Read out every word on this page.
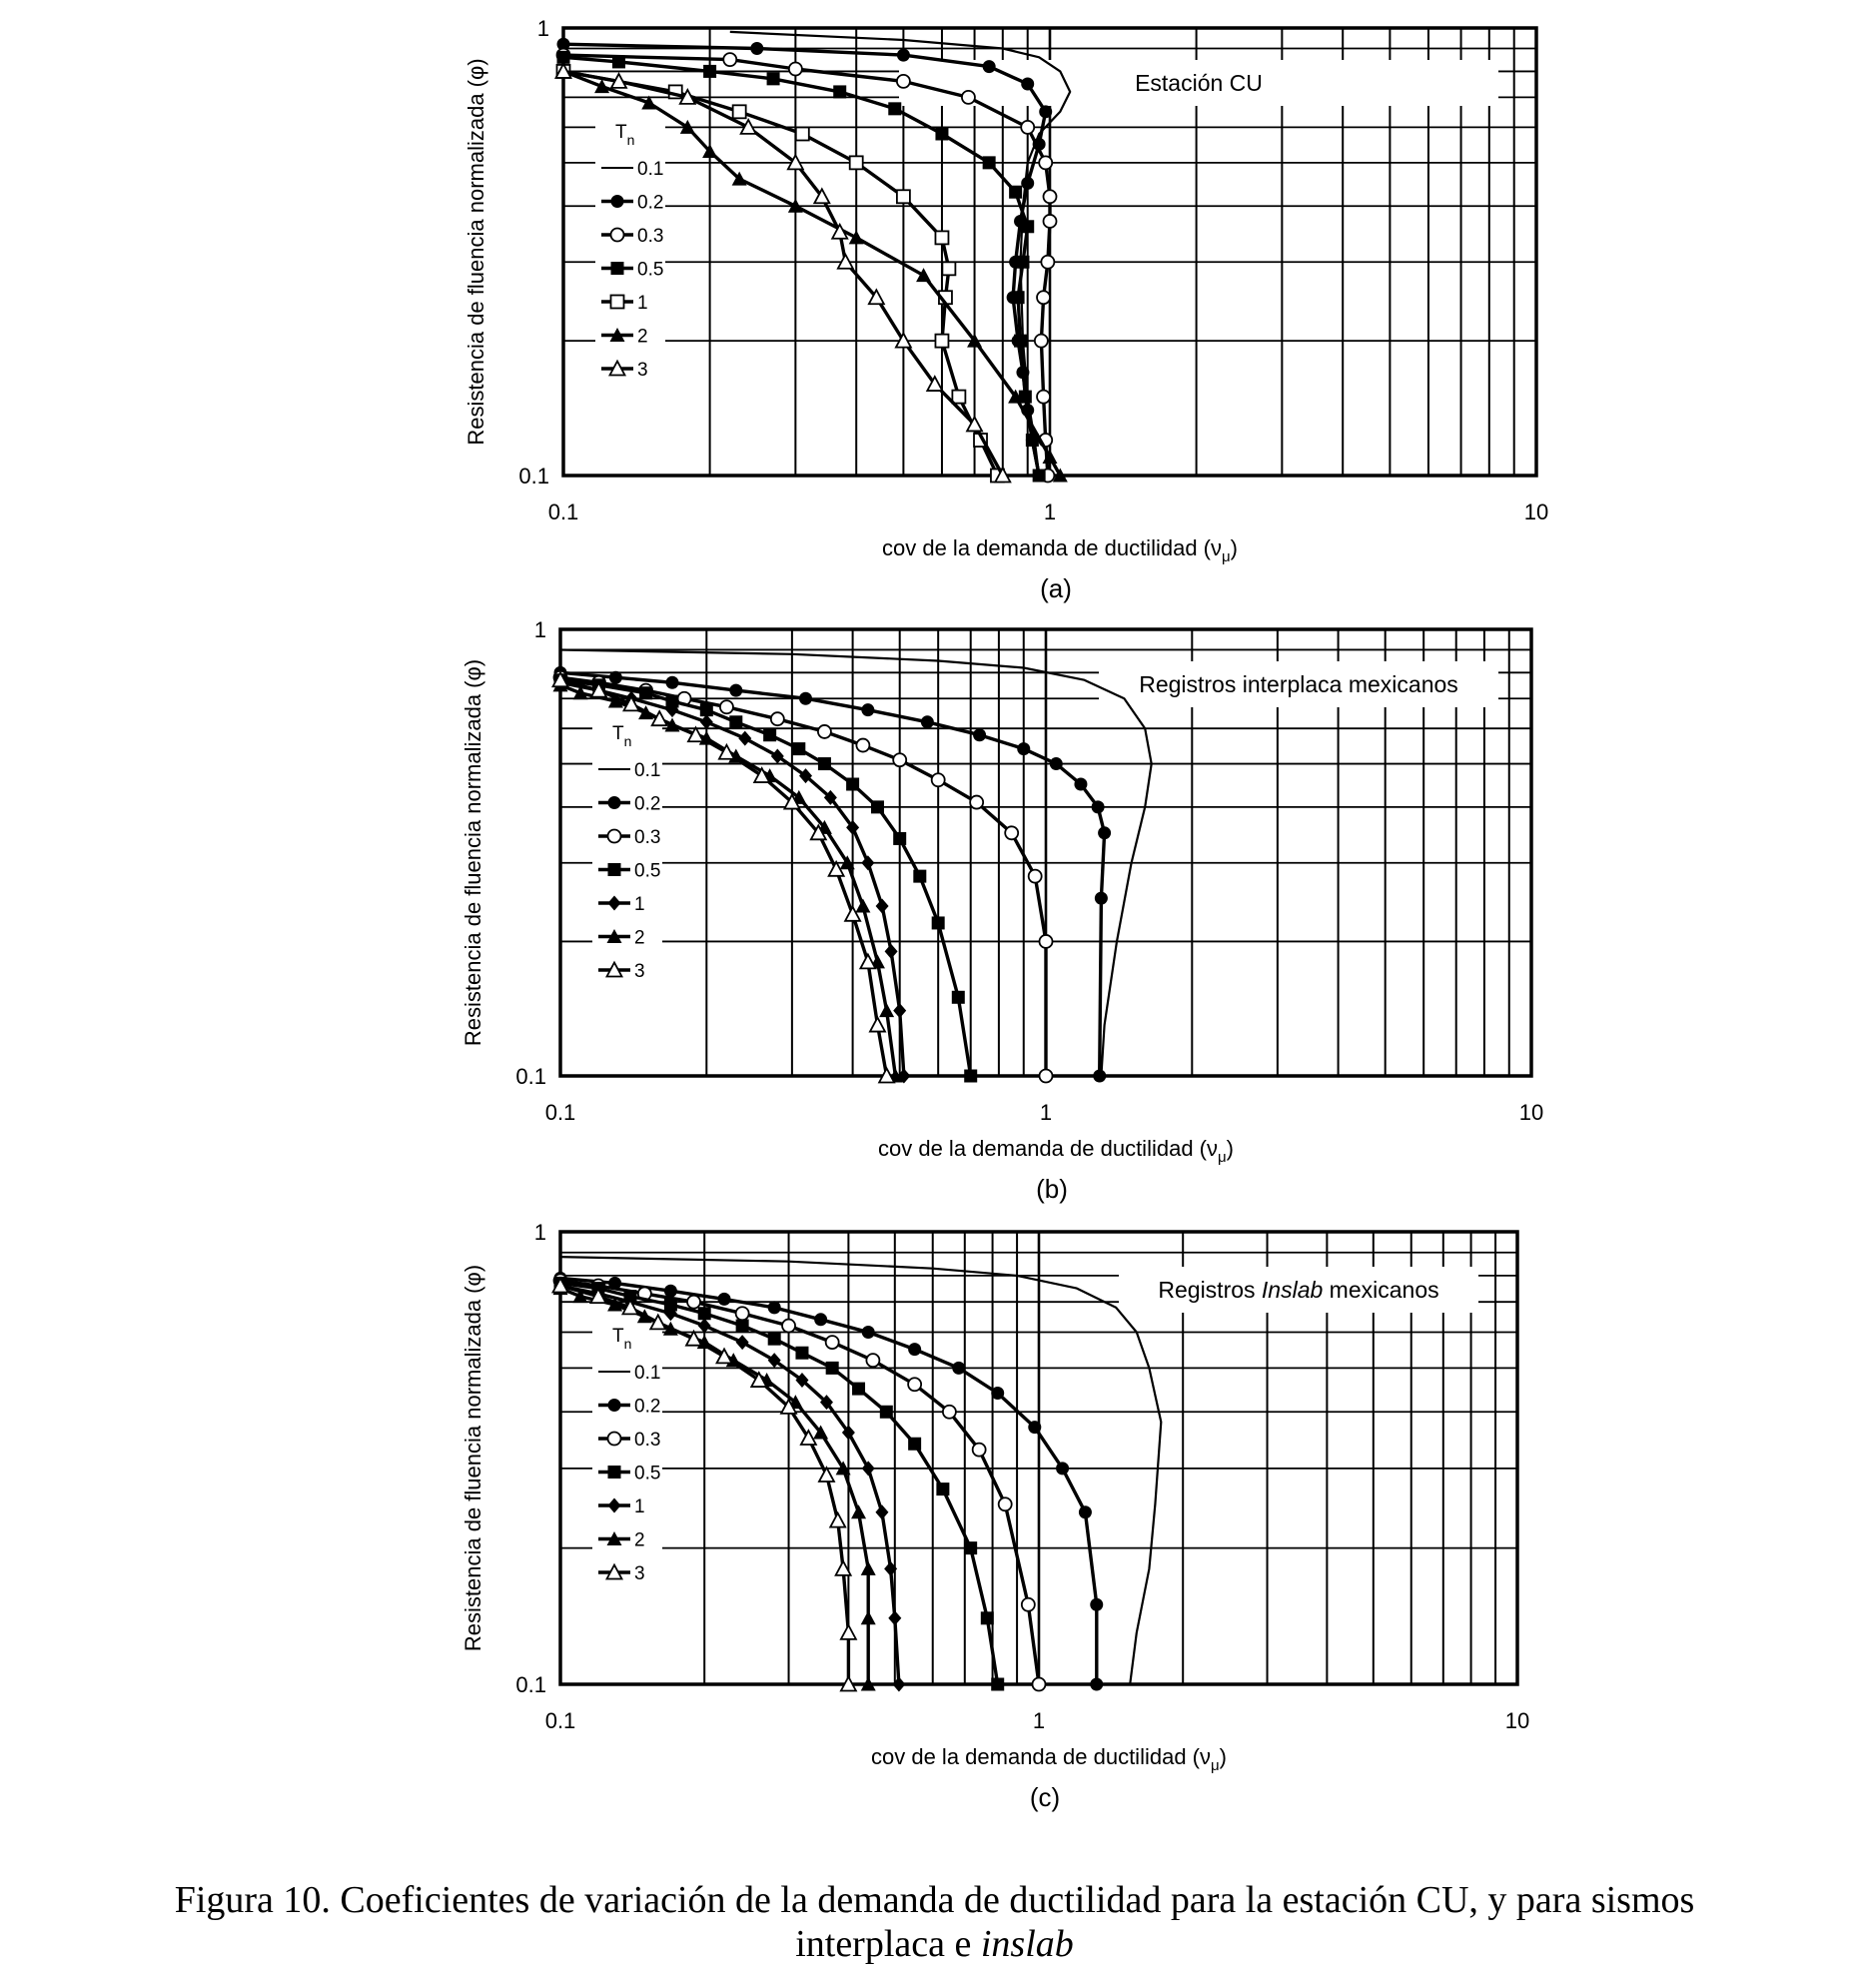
Estación CU
$T_n$
0.1
0.2
0.3
0.5
1
2
3
0.1	1	10
0.1
1
cov de la demanda de ductilidad $(\nu_\mu)$
Resistencia de fluencia normalizada (φ)
(a)
Registros interplaca mexicanos
$T_n$
0.1
0.2
0.3
0.5
1
2
3
0.1	1	10
0.1
1
cov de la demanda de ductilidad $(\nu_\mu)$
Resistencia de fluencia normalizada (φ)
(b)
Registros Inslab mexicanos
$T_n$
0.1
0.2
0.3
0.5
1
2
3
0.1	1	10
0.1
1
cov de la demanda de ductilidad $(\nu_\mu)$
Resistencia de fluencia normalizada (φ)
(c)
Figura 10. Coeficientes de variación de la demanda de ductilidad para la estación CU, y para sismos
interplaca e inslab
